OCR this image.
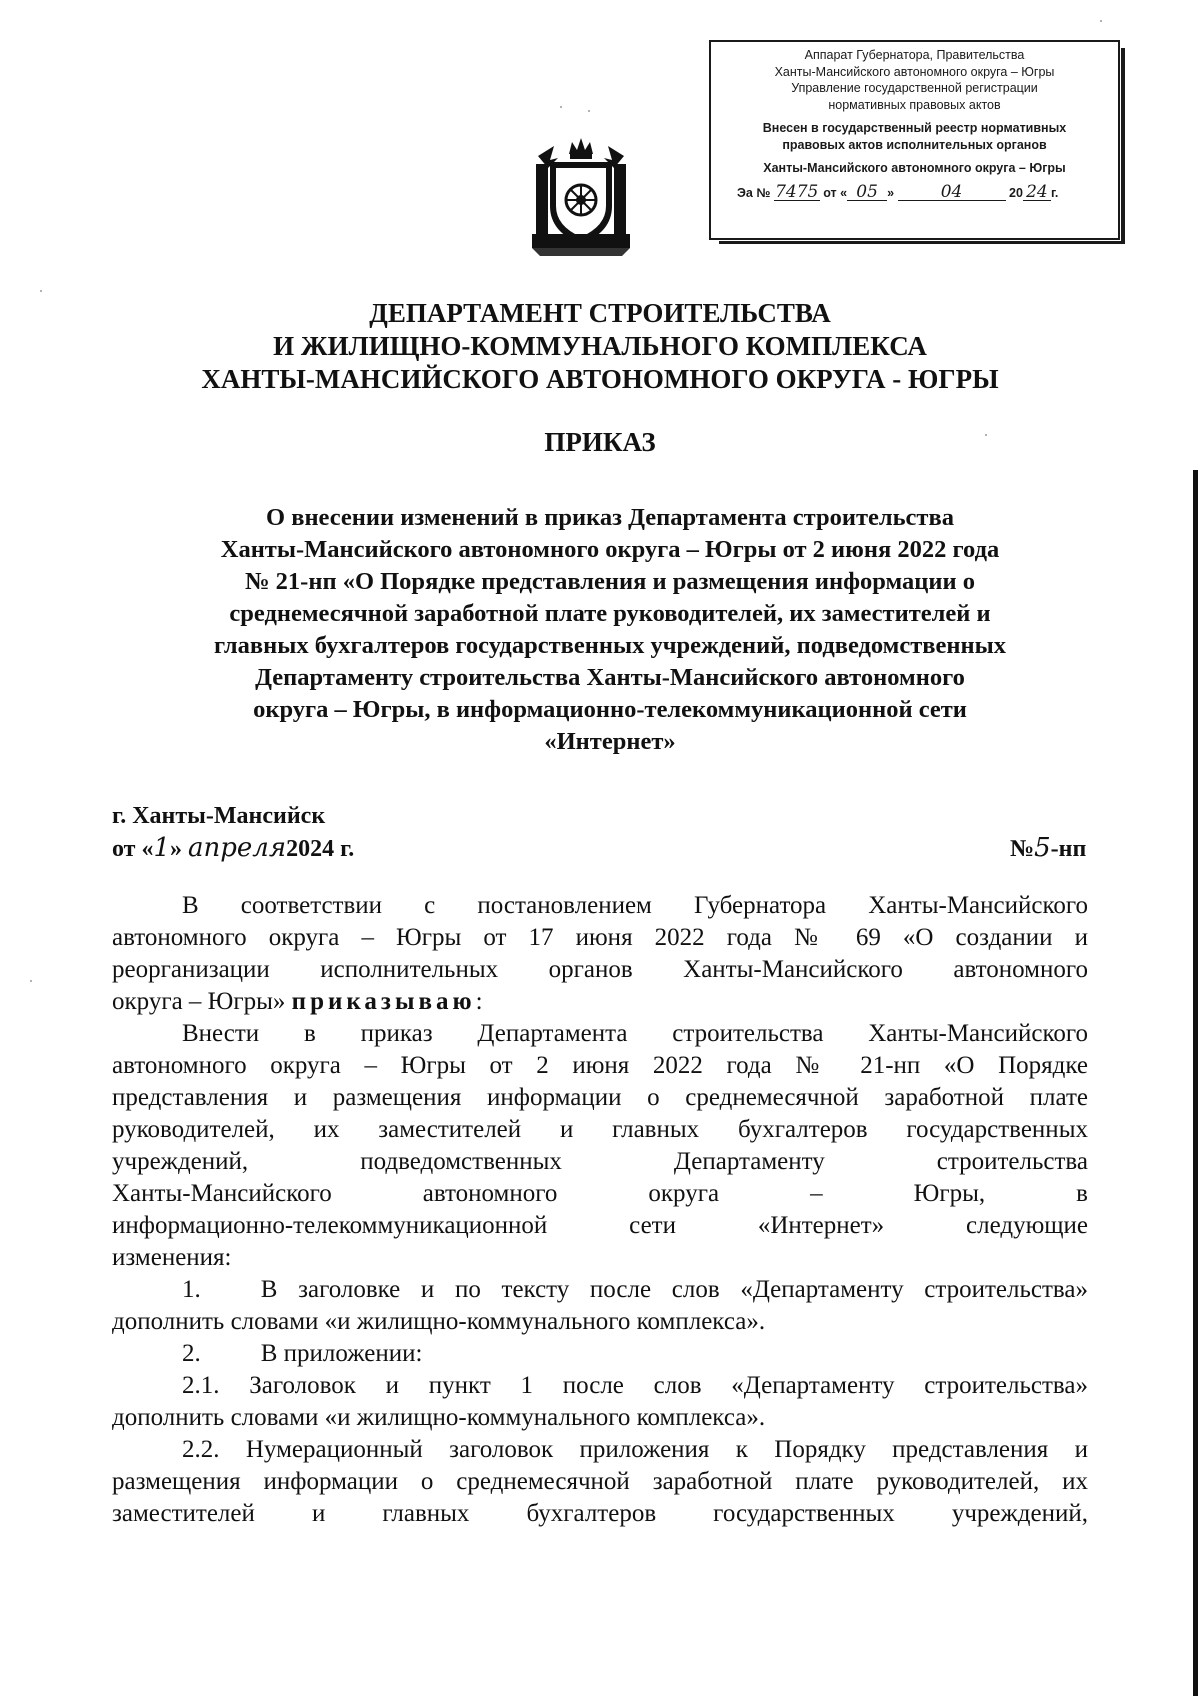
Аппарат Губернатора, Правительства
Ханты-Мансийского автономного округа – Югры
Управление государственной регистрации
нормативных правовых актов
Внесен в государственный реестр нормативных
правовых актов исполнительных органов
Ханты-Мансийского автономного округа – Югры
Эа № 7475 от « 05 »	04	20 24 г.
ДЕПАРТАМЕНТ СТРОИТЕЛЬСТВА
И ЖИЛИЩНО-КОММУНАЛЬНОГО КОМПЛЕКСА
ХАНТЫ-МАНСИЙСКОГО АВТОНОМНОГО ОКРУГА - ЮГРЫ
ПРИКАЗ
О внесении изменений в приказ Департамента строительства
Ханты-Мансийского автономного округа – Югры от 2 июня 2022 года
№ 21-нп «О Порядке представления и размещения информации о
среднемесячной заработной плате руководителей, их заместителей и
главных бухгалтеров государственных учреждений, подведомственных
Департаменту строительства Ханты-Мансийского автономного
округа – Югры, в информационно-телекоммуникационной сети
«Интернет»
г. Ханты-Мансийск
от «1» апреля2024 г.	№5-нп

В соответствии с постановлением Губернатора Ханты-Мансийского

автономного округа – Югры от 17 июня 2022 года № 69 «О создании и

реорганизации исполнительных органов Ханты-Мансийского автономного

округа – Югры» приказываю:

Внести в приказ Департамента строительства Ханты-Мансийского

автономного округа – Югры от 2 июня 2022 года № 21-нп «О Порядке

представления и размещения информации о среднемесячной заработной плате

руководителей, их заместителей и главных бухгалтеров государственных

учреждений, подведомственных Департаменту строительства

Ханты-Мансийского автономного округа – Югры, в

информационно-телекоммуникационной сети «Интернет» следующие

изменения:

1. В заголовке и по тексту после слов «Департаменту строительства»

дополнить словами «и жилищно-коммунального комплекса».

2. В приложении:

2.1. Заголовок и пункт 1 после слов «Департаменту строительства»

дополнить словами «и жилищно-коммунального комплекса».

2.2. Нумерационный заголовок приложения к Порядку представления и

размещения информации о среднемесячной заработной плате руководителей, их

заместителей и главных бухгалтеров государственных учреждений,
